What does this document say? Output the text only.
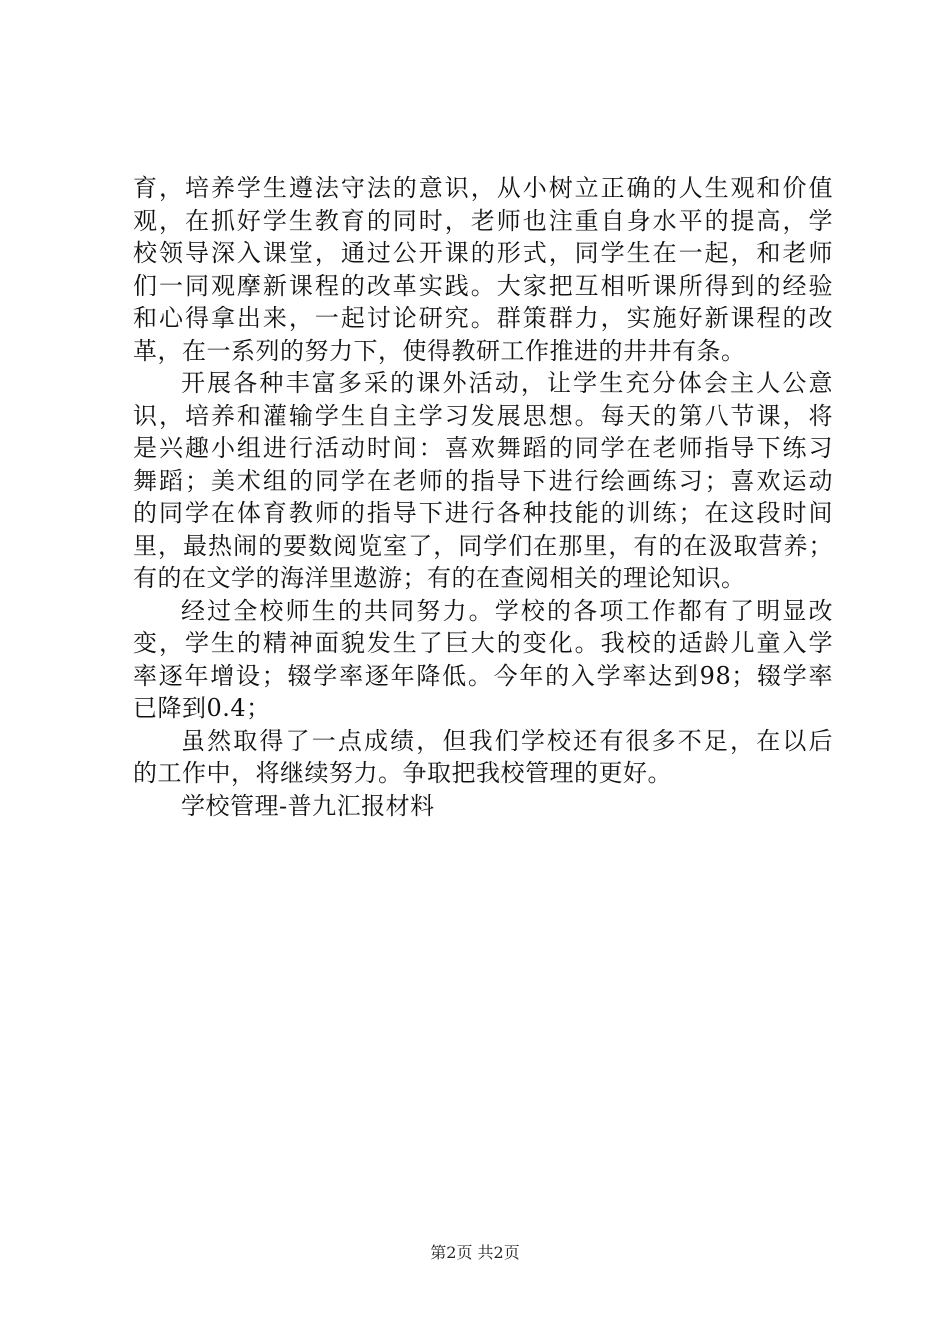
育，培养学生遵法守法的意识，从小树立正确的人生观和价值
观，在抓好学生教育的同时，老师也注重自身水平的提高，学
校领导深入课堂，通过公开课的形式，同学生在一起，和老师
们一同观摩新课程的改革实践。大家把互相听课所得到的经验
和心得拿出来，一起讨论研究。群策群力，实施好新课程的改
革，在一系列的努力下，使得教研工作推进的井井有条。
开展各种丰富多采的课外活动，让学生充分体会主人公意
识，培养和灌输学生自主学习发展思想。每天的第八节课，将
是兴趣小组进行活动时间：喜欢舞蹈的同学在老师指导下练习
舞蹈；美术组的同学在老师的指导下进行绘画练习；喜欢运动
的同学在体育教师的指导下进行各种技能的训练；在这段时间
里，最热闹的要数阅览室了，同学们在那里，有的在汲取营养；
有的在文学的海洋里遨游；有的在查阅相关的理论知识。
经过全校师生的共同努力。学校的各项工作都有了明显改
变，学生的精神面貌发生了巨大的变化。我校的适龄儿童入学
率逐年增设；辍学率逐年降低。今年的入学率达到98；辍学率
已降到0.4；
虽然取得了一点成绩，但我们学校还有很多不足，在以后
的工作中，将继续努力。争取把我校管理的更好。
学校管理-普九汇报材料
第2页 共2页
